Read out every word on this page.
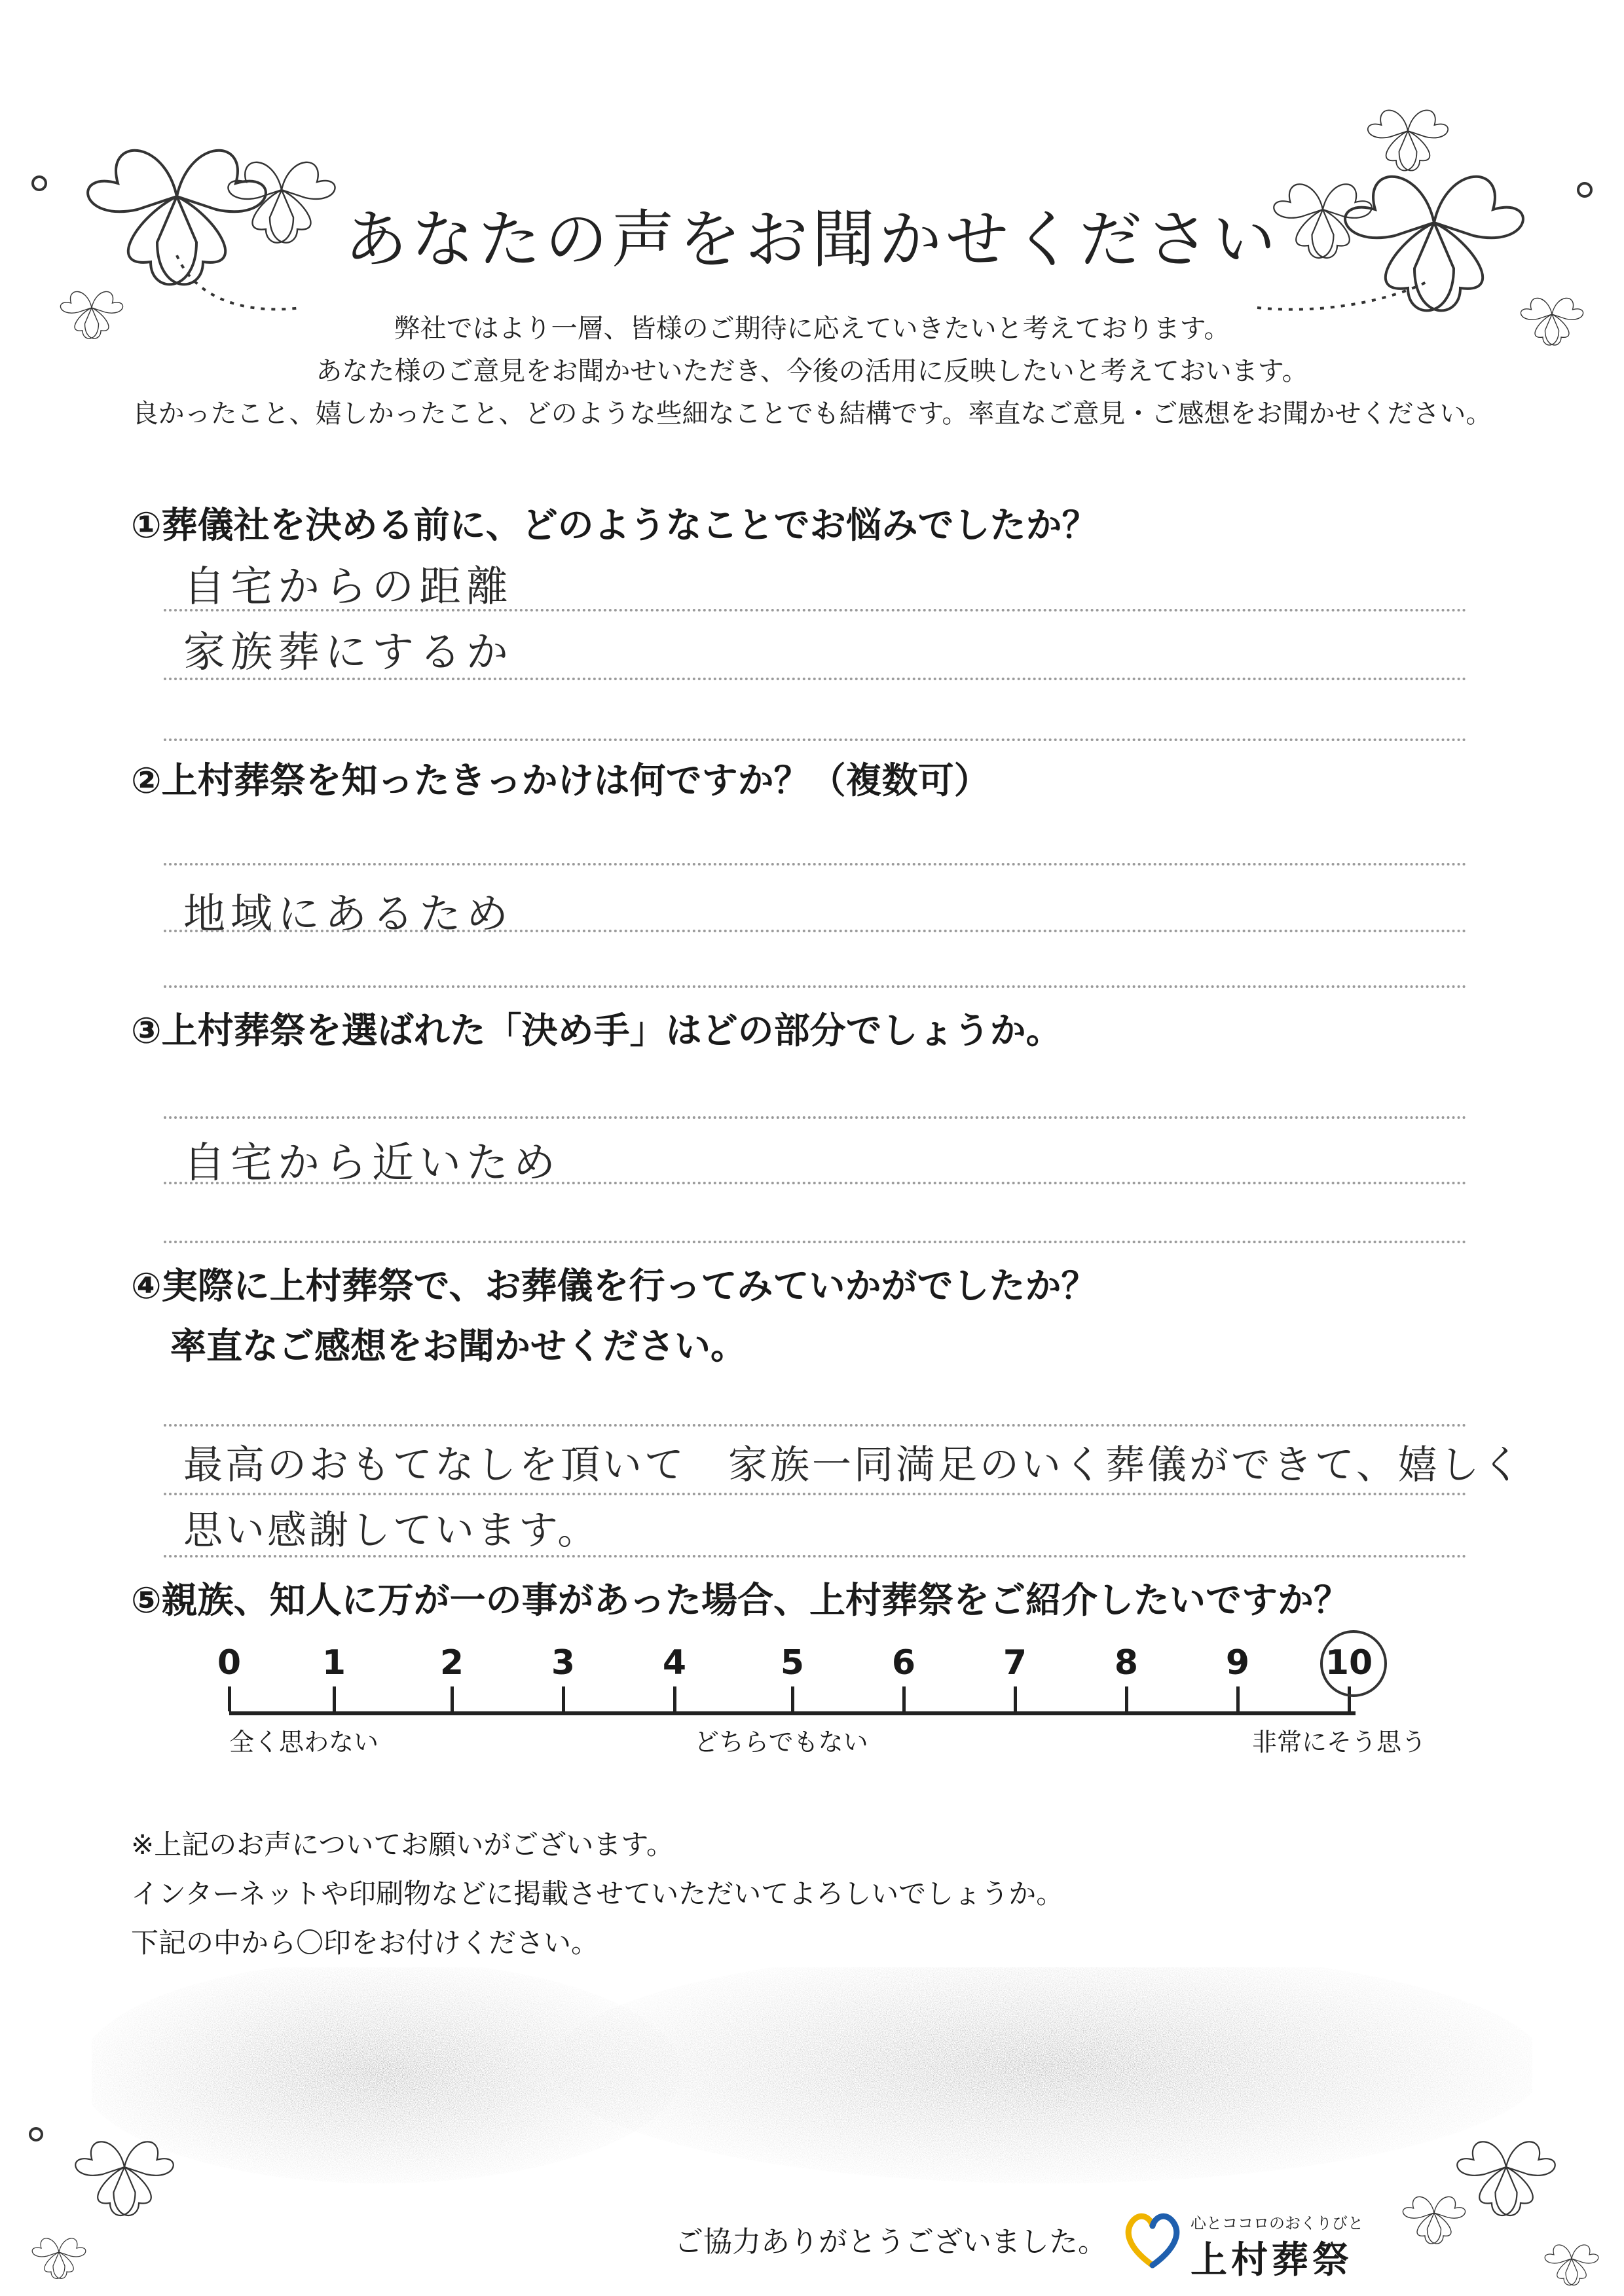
あなたの声をお聞かせください
弊社ではより一層、皆様のご期待に応えていきたいと考えております。
あなた様のご意見をお聞かせいただき、今後の活用に反映したいと考えておいます。
良かったこと、嬉しかったこと、どのような些細なことでも結構です。率直なご意見・ご感想をお聞かせください。
①葬儀社を決める前に、どのようなことでお悩みでしたか？
自宅からの距離
家族葬にするか
②上村葬祭を知ったきっかけは何ですか？（複数可）
地域にあるため
③上村葬祭を選ばれた「決め手」はどの部分でしょうか。
自宅から近いため
④実際に上村葬祭で、お葬儀を行ってみていかがでしたか？
率直なご感想をお聞かせください。
最高のおもてなしを頂いて　家族一同満足のいく葬儀ができて、嬉しく
思い感謝しています。
⑤親族、知人に万が一の事があった場合、上村葬祭をご紹介したいですか？
0	1	2	3	4	5	6	7	8	9	10
全く思わない	どちらでもない	非常にそう思う
※上記のお声についてお願いがございます。
インターネットや印刷物などに掲載させていただいてよろしいでしょうか。
下記の中から〇印をお付けください。
ご協力ありがとうございました。
心とココロのおくりびと
上村葬祭
